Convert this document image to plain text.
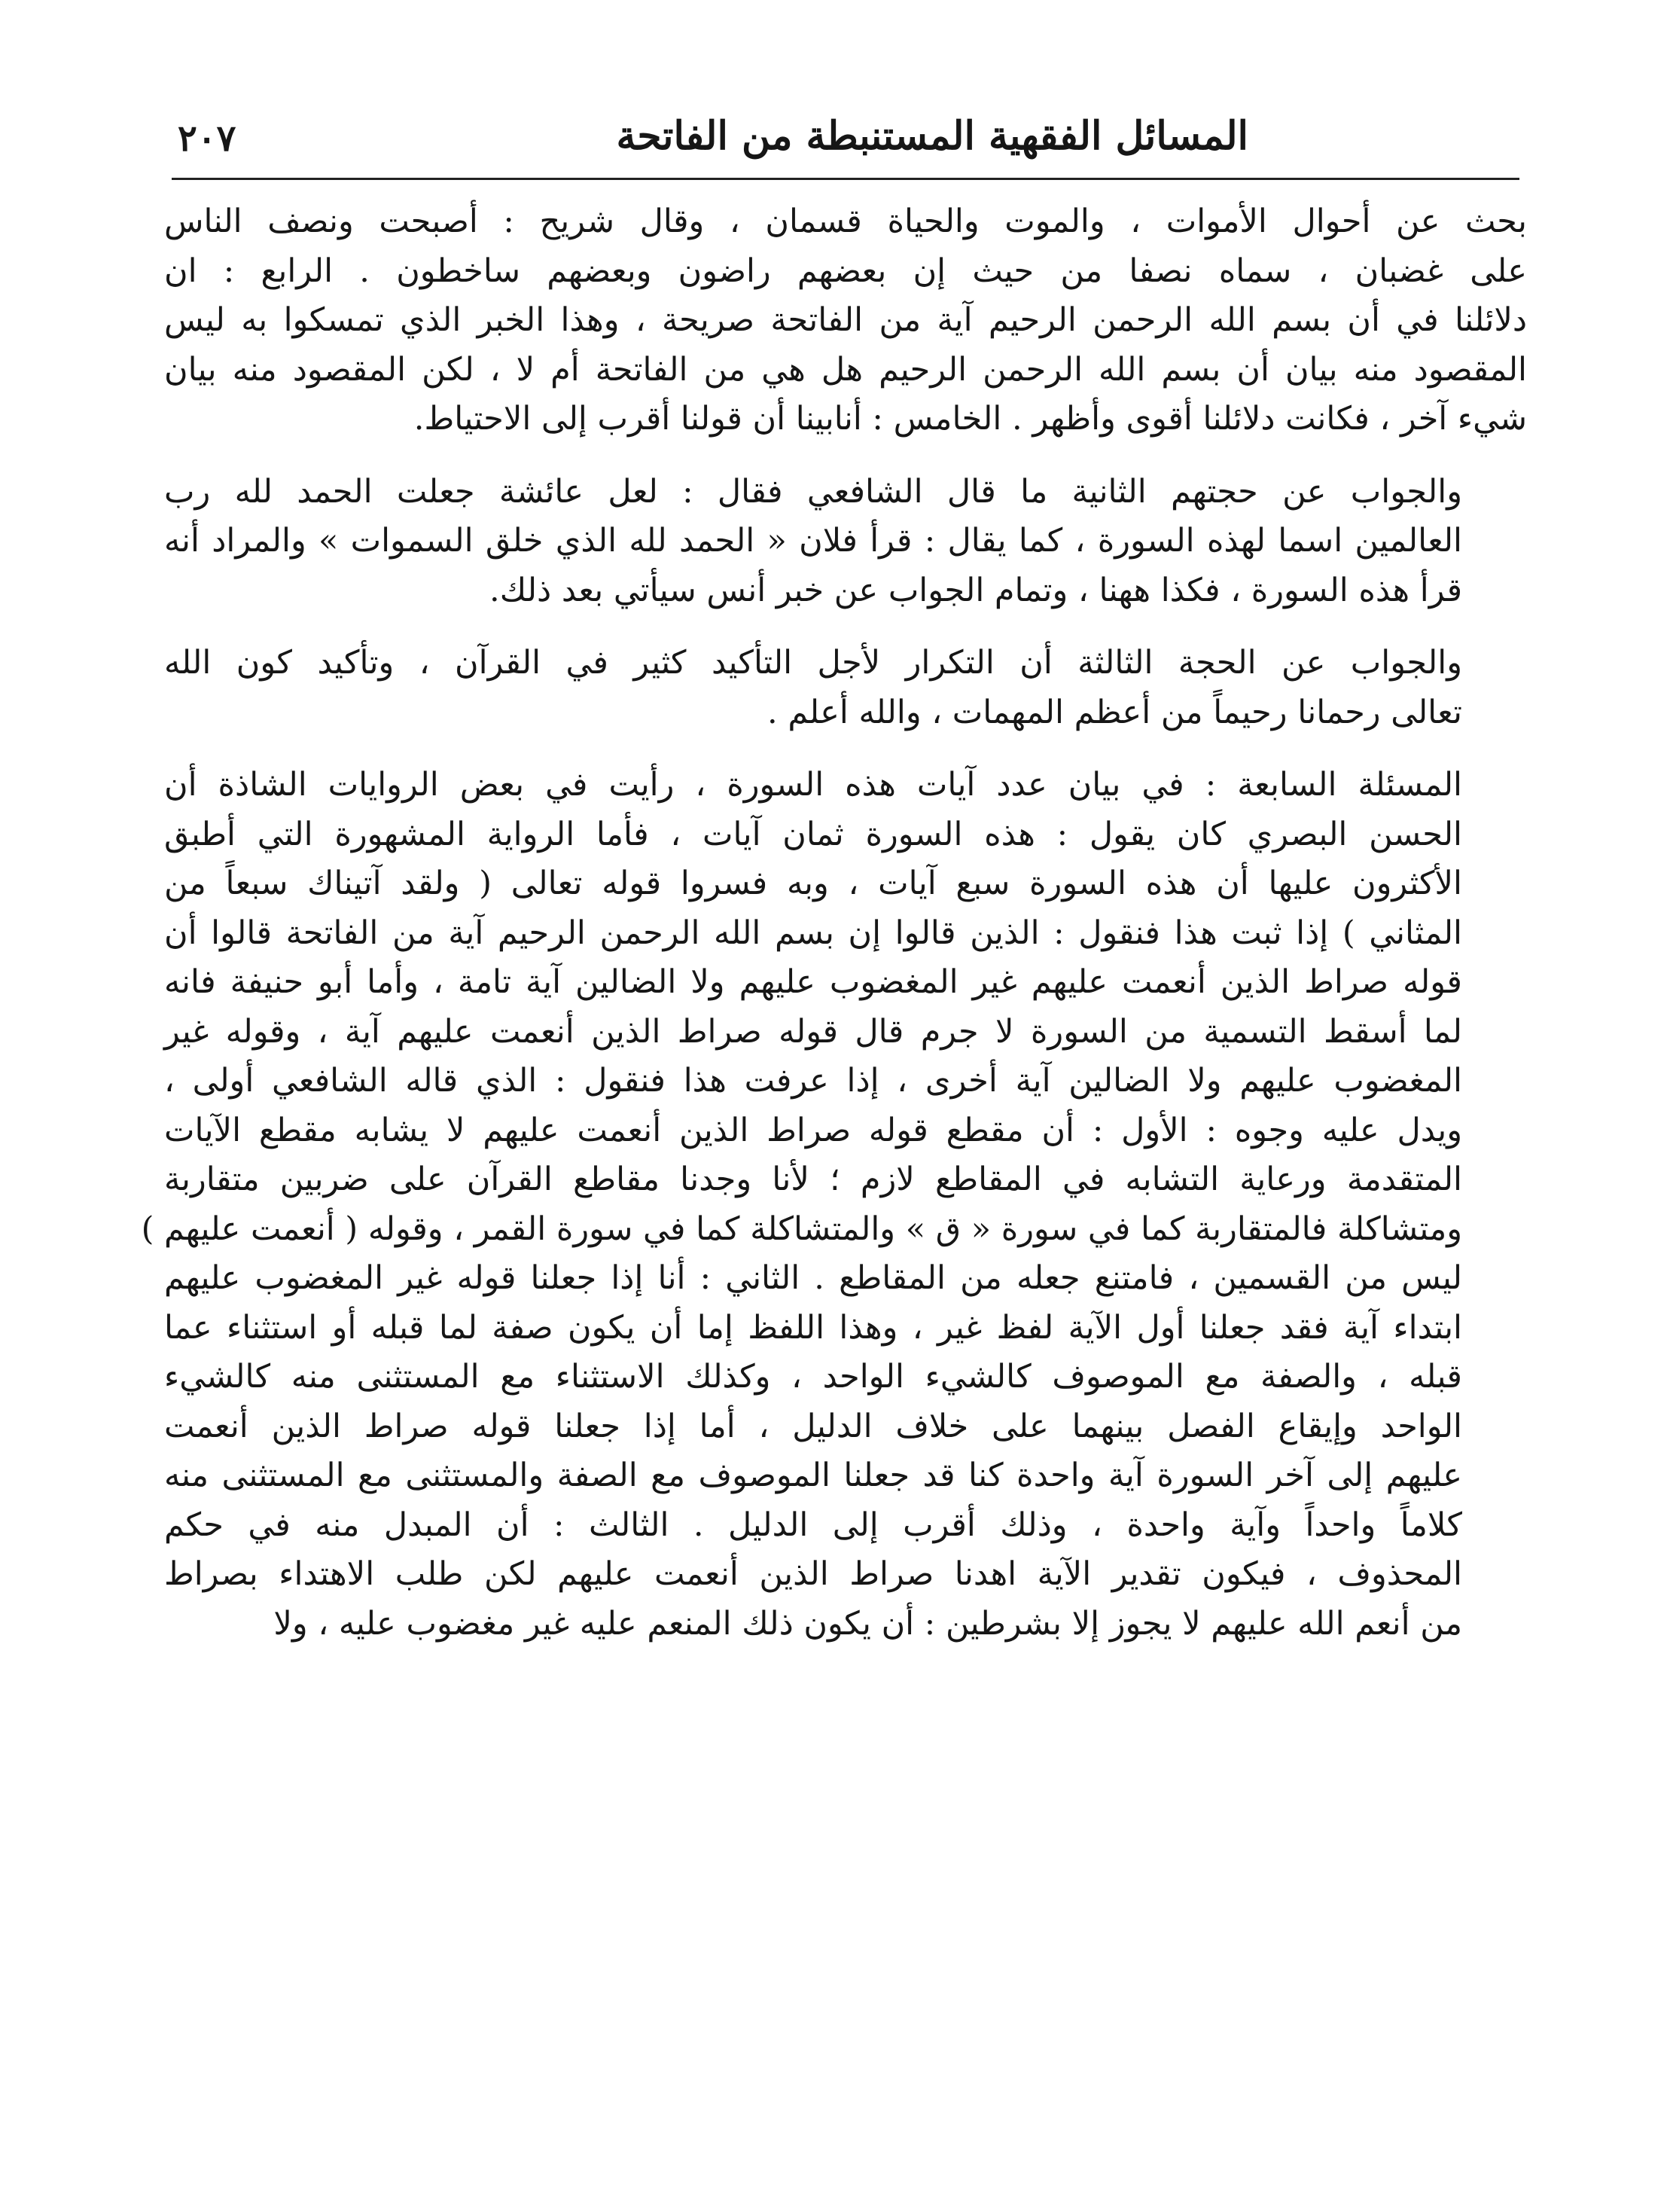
المسائل الفقهية المستنبطة من الفاتحة
٢٠٧
بحث عن أحوال الأموات ، والموت والحياة قسمان ، وقال شريح : أصبحت ونصف الناس
على غضبان ، سماه نصفا من حيث إن بعضهم راضون وبعضهم ساخطون . الرابع : ان
دلائلنا في أن بسم الله الرحمن الرحيم آية من الفاتحة صريحة ، وهذا الخبر الذي تمسكوا به ليس
المقصود منه بيان أن بسم الله الرحمن الرحيم هل هي من الفاتحة أم لا ، لكن المقصود منه بيان
شيء آخر ، فكانت دلائلنا أقوى وأظهر . الخامس : أنابينا أن قولنا أقرب إلى الاحتياط.
والجواب عن حجتهم الثانية ما قال الشافعي فقال : لعل عائشة جعلت الحمد لله رب
العالمين اسما لهذه السورة ، كما يقال : قرأ فلان « الحمد لله الذي خلق السموات » والمراد أنه
قرأ هذه السورة ، فكذا ههنا ، وتمام الجواب عن خبر أنس سيأتي بعد ذلك.
والجواب عن الحجة الثالثة أن التكرار لأجل التأكيد كثير في القرآن ، وتأكيد كون الله
تعالى رحمانا رحيماً من أعظم المهمات ، والله أعلم .
المسئلة السابعة : في بيان عدد آيات هذه السورة ، رأيت في بعض الروايات الشاذة أن
الحسن البصري كان يقول : هذه السورة ثمان آيات ، فأما الرواية المشهورة التي أطبق
الأكثرون عليها أن هذه السورة سبع آيات ، وبه فسروا قوله تعالى ( ولقد آتيناك سبعاً من
المثاني ) إذا ثبت هذا فنقول : الذين قالوا إن بسم الله الرحمن الرحيم آية من الفاتحة قالوا أن
قوله صراط الذين أنعمت عليهم غير المغضوب عليهم ولا الضالين آية تامة ، وأما أبو حنيفة فانه
لما أسقط التسمية من السورة لا جرم قال قوله صراط الذين أنعمت عليهم آية ، وقوله غير
المغضوب عليهم ولا الضالين آية أخرى ، إذا عرفت هذا فنقول : الذي قاله الشافعي أولى ،
ويدل عليه وجوه : الأول : أن مقطع قوله صراط الذين أنعمت عليهم لا يشابه مقطع الآيات
المتقدمة ورعاية التشابه في المقاطع لازم ؛ لأنا وجدنا مقاطع القرآن على ضربين متقاربة
ومتشاكلة فالمتقاربة كما في سورة « ق » والمتشاكلة كما في سورة القمر ، وقوله ( أنعمت عليهم )
ليس من القسمين ، فامتنع جعله من المقاطع . الثاني : أنا إذا جعلنا قوله غير المغضوب عليهم
ابتداء آية فقد جعلنا أول الآية لفظ غير ، وهذا اللفظ إما أن يكون صفة لما قبله أو استثناء عما
قبله ، والصفة مع الموصوف كالشيء الواحد ، وكذلك الاستثناء مع المستثنى منه كالشيء
الواحد وإيقاع الفصل بينهما على خلاف الدليل ، أما إذا جعلنا قوله صراط الذين أنعمت
عليهم إلى آخر السورة آية واحدة كنا قد جعلنا الموصوف مع الصفة والمستثنى مع المستثنى منه
كلاماً واحداً وآية واحدة ، وذلك أقرب إلى الدليل . الثالث : أن المبدل منه في حكم
المحذوف ، فيكون تقدير الآية اهدنا صراط الذين أنعمت عليهم لكن طلب الاهتداء بصراط
من أنعم الله عليهم لا يجوز إلا بشرطين : أن يكون ذلك المنعم عليه غير مغضوب عليه ، ولا
